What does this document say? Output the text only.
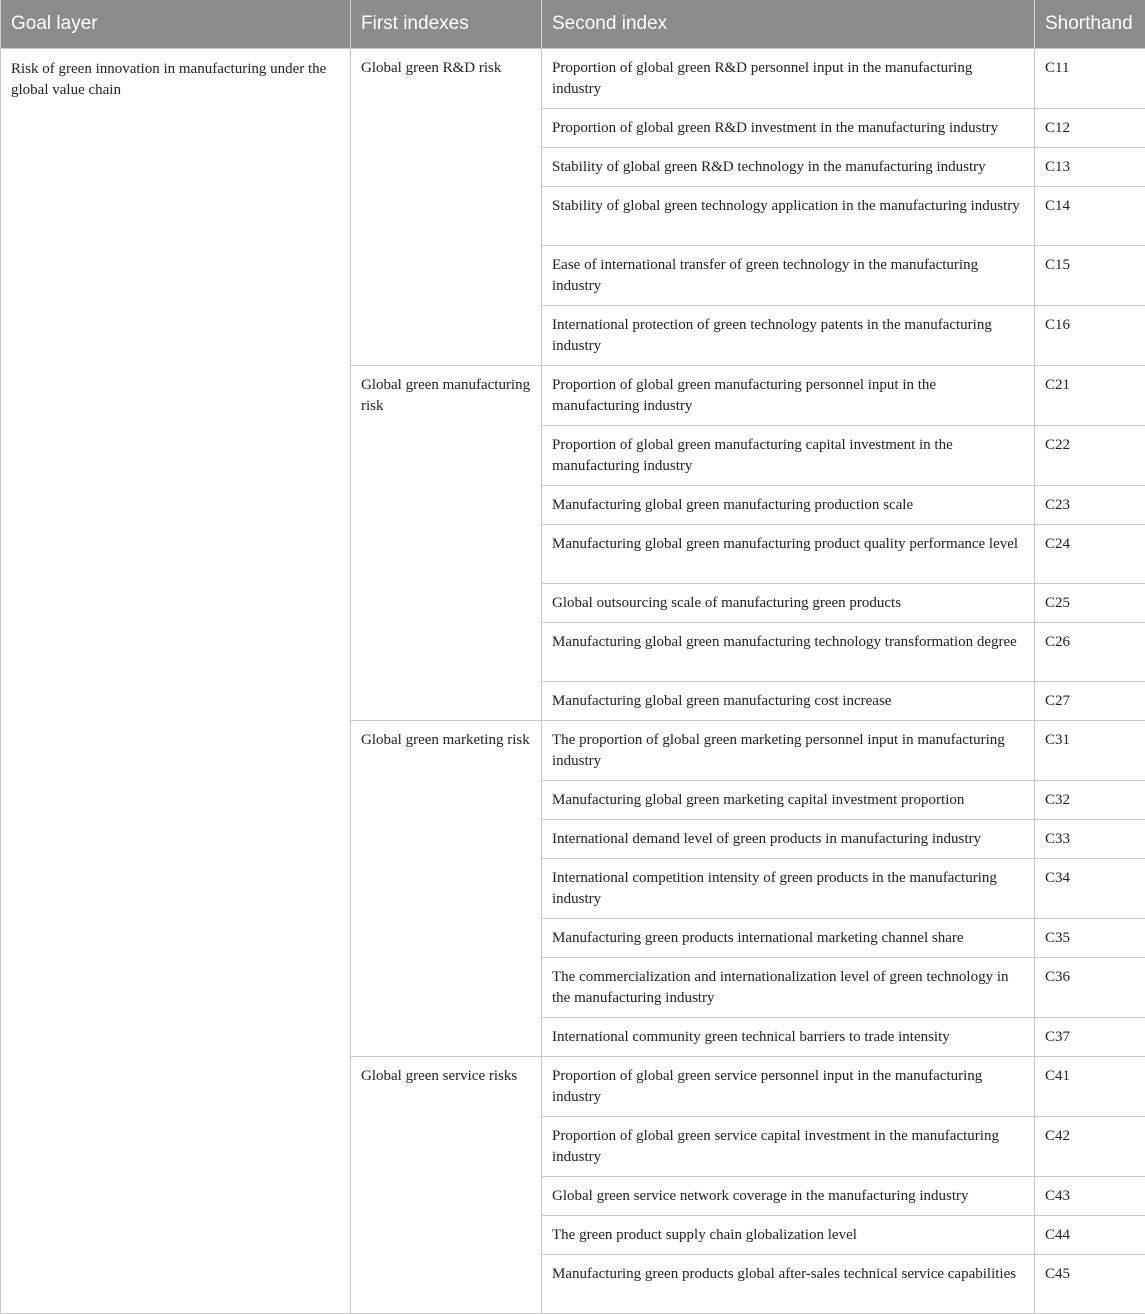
Goal layer	First indexes	Second index	Shorthand
Risk of green innovation in manufacturing under the global value chain	Global green R&D risk	Proportion of global green R&D personnel input in the manufacturing industry	C11
		Proportion of global green R&D investment in the manufacturing industry	C12
		Stability of global green R&D technology in the manufacturing industry	C13
		Stability of global green technology application in the manufacturing industry	C14
		Ease of international transfer of green technology in the manufacturing industry	C15
		International protection of green technology patents in the manufacturing industry	C16
	Global green manufacturing risk	Proportion of global green manufacturing personnel input in the manufacturing industry	C21
		Proportion of global green manufacturing capital investment in the manufacturing industry	C22
		Manufacturing global green manufacturing production scale	C23
		Manufacturing global green manufacturing product quality performance level	C24
		Global outsourcing scale of manufacturing green products	C25
		Manufacturing global green manufacturing technology transformation degree	C26
		Manufacturing global green manufacturing cost increase	C27
	Global green marketing risk	The proportion of global green marketing personnel input in manufacturing industry	C31
		Manufacturing global green marketing capital investment proportion	C32
		International demand level of green products in manufacturing industry	C33
		International competition intensity of green products in the manufacturing industry	C34
		Manufacturing green products international marketing channel share	C35
		The commercialization and internationalization level of green technology in the manufacturing industry	C36
		International community green technical barriers to trade intensity	C37
	Global green service risks	Proportion of global green service personnel input in the manufacturing industry	C41
		Proportion of global green service capital investment in the manufacturing industry	C42
		Global green service network coverage in the manufacturing industry	C43
		The green product supply chain globalization level	C44
		Manufacturing green products global after-sales technical service capabilities	C45
